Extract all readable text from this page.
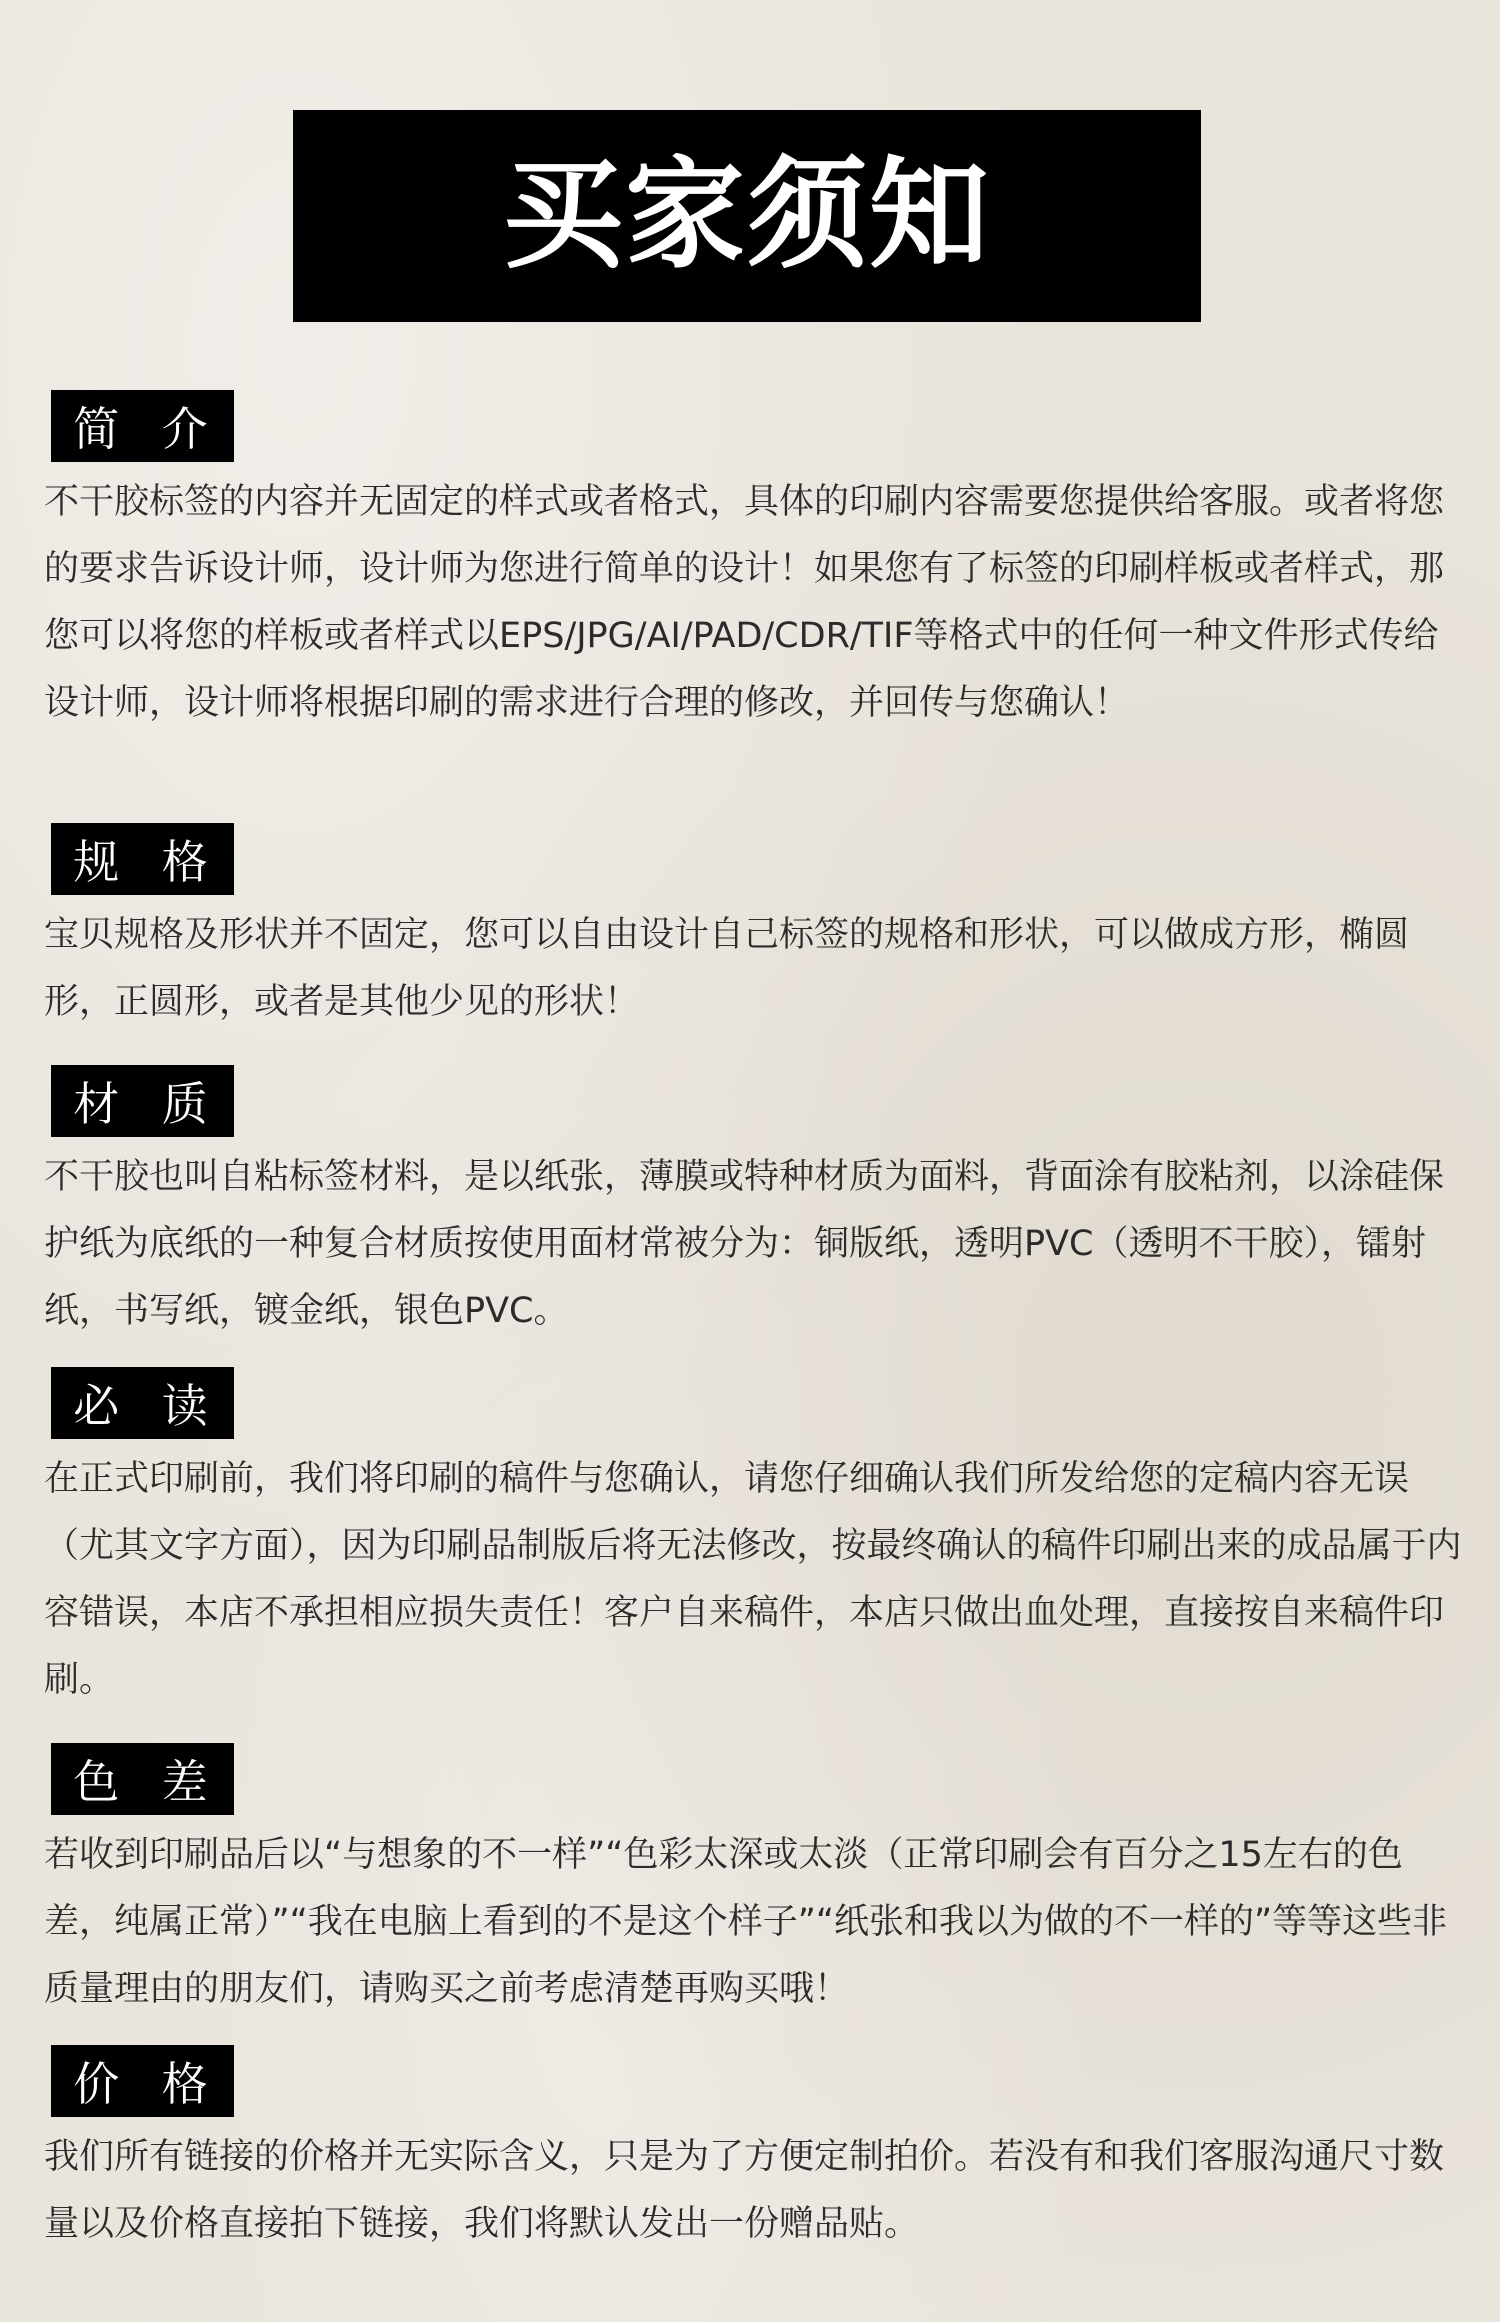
买家须知
简 介

不干胶标签的内容并无固定的样式或者格式，具体的印刷内容需要您提供给客服。或者将您的要求告诉设计师，设计师为您进行简单的设计！如果您有了标签的印刷样板或者样式，那您可以将您的样板或者样式以EPS/JPG/AI/PAD/CDR/TIF等格式中的任何一种文件形式传给设计师，设计师将根据印刷的需求进行合理的修改，并回传与您确认！

规 格

宝贝规格及形状并不固定，您可以自由设计自己标签的规格和形状，可以做成方形，椭圆形，正圆形，或者是其他少见的形状！

材 质

不干胶也叫自粘标签材料，是以纸张，薄膜或特种材质为面料，背面涂有胶粘剂，以涂硅保护纸为底纸的一种复合材质按使用面材常被分为：铜版纸，透明PVC（透明不干胶），镭射纸，书写纸，镀金纸，银色PVC。

必 读

在正式印刷前，我们将印刷的稿件与您确认，请您仔细确认我们所发给您的定稿内容无误（尤其文字方面），因为印刷品制版后将无法修改，按最终确认的稿件印刷出来的成品属于内容错误，本店不承担相应损失责任！客户自来稿件，本店只做出血处理，直接按自来稿件印刷。

色 差

若收到印刷品后以“与想象的不一样”“色彩太深或太淡（正常印刷会有百分之15左右的色差，纯属正常）”“我在电脑上看到的不是这个样子”“纸张和我以为做的不一样的”等等这些非质量理由的朋友们，请购买之前考虑清楚再购买哦！

价 格

我们所有链接的价格并无实际含义，只是为了方便定制拍价。若没有和我们客服沟通尺寸数量以及价格直接拍下链接，我们将默认发出一份赠品贴。
